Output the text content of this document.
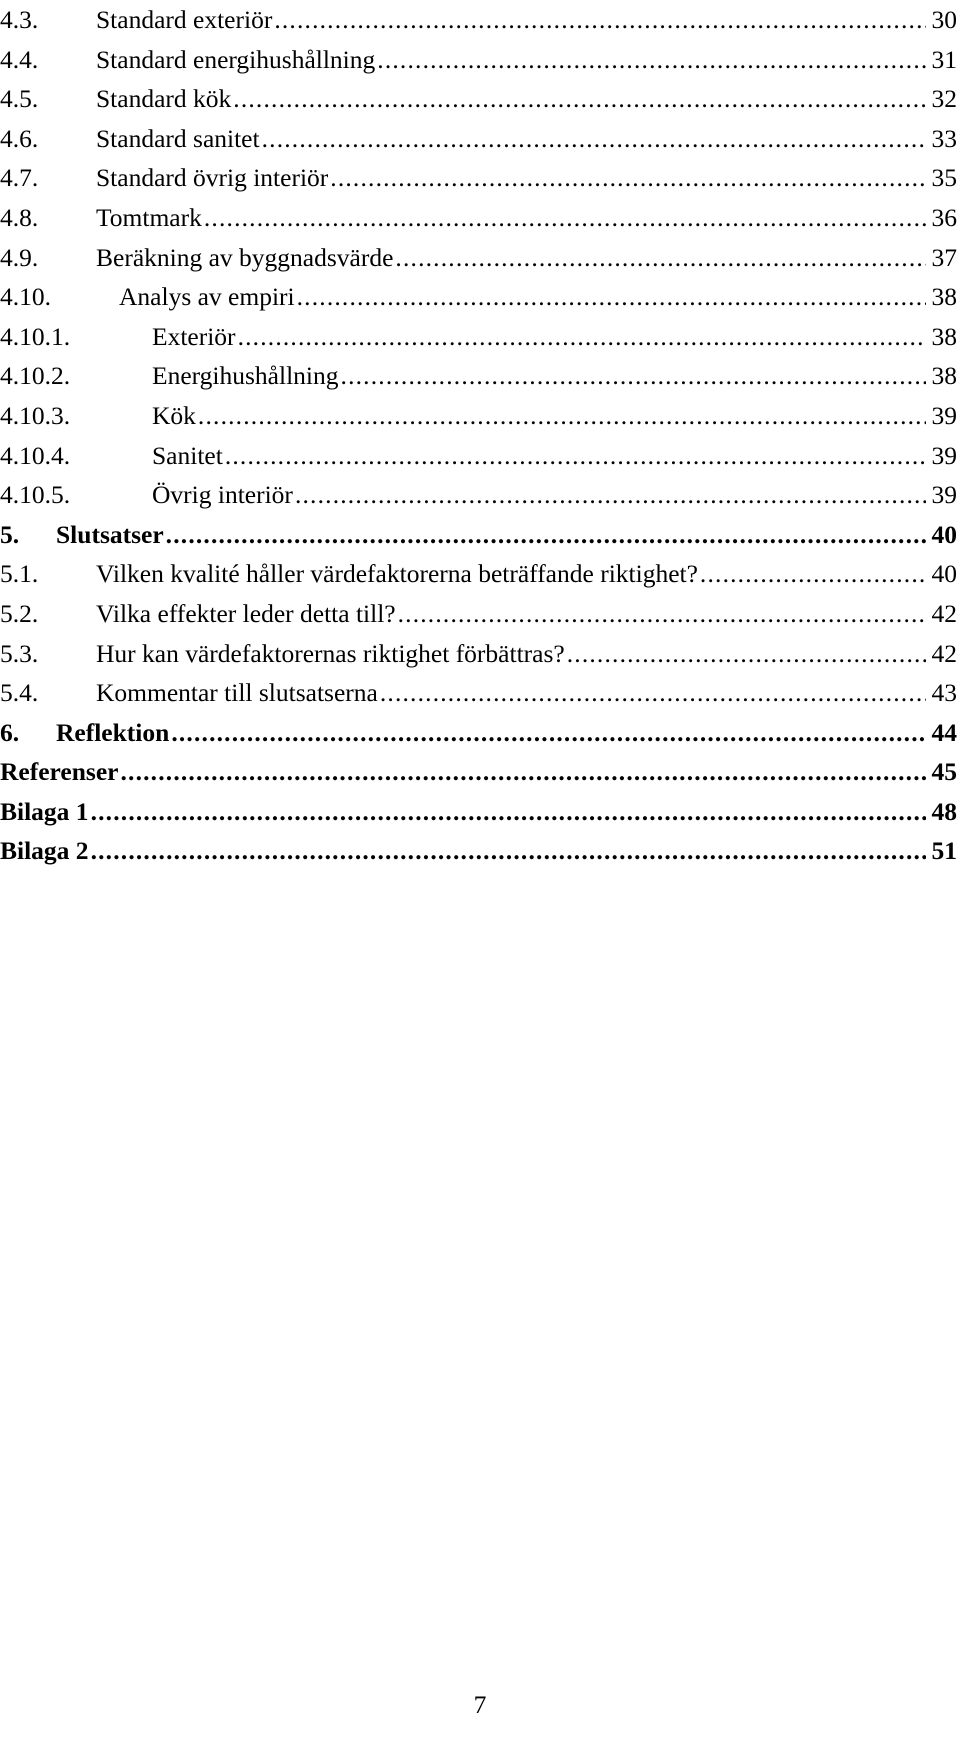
4.3.	Standard exteriör . . .	30
4.4.	Standard energihushållning . . .	31
4.5.	Standard kök . . .	32
4.6.	Standard sanitet . . .	33
4.7.	Standard övrig interiör . . .	35
4.8.	Tomtmark . . .	36
4.9.	Beräkning av byggnadsvärde . . .	37
4.10.	Analys av empiri . . .	38
4.10.1.	Exteriör . . .	38
4.10.2.	Energihushållning . . .	38
4.10.3.	Kök . . .	39
4.10.4.	Sanitet . . .	39
4.10.5.	Övrig interiör . . .	39
5.	Slutsatser . . .	40
5.1.	Vilken kvalité håller värdefaktorerna beträffande riktighet? . . .	40
5.2.	Vilka effekter leder detta till? . . .	42
5.3.	Hur kan värdefaktorernas riktighet förbättras? . . .	42
5.4.	Kommentar till slutsatserna . . .	43
6.	Reflektion . . .	44
Referenser . . .	45
Bilaga 1 . . .	48
Bilaga 2 . . .	51
7
